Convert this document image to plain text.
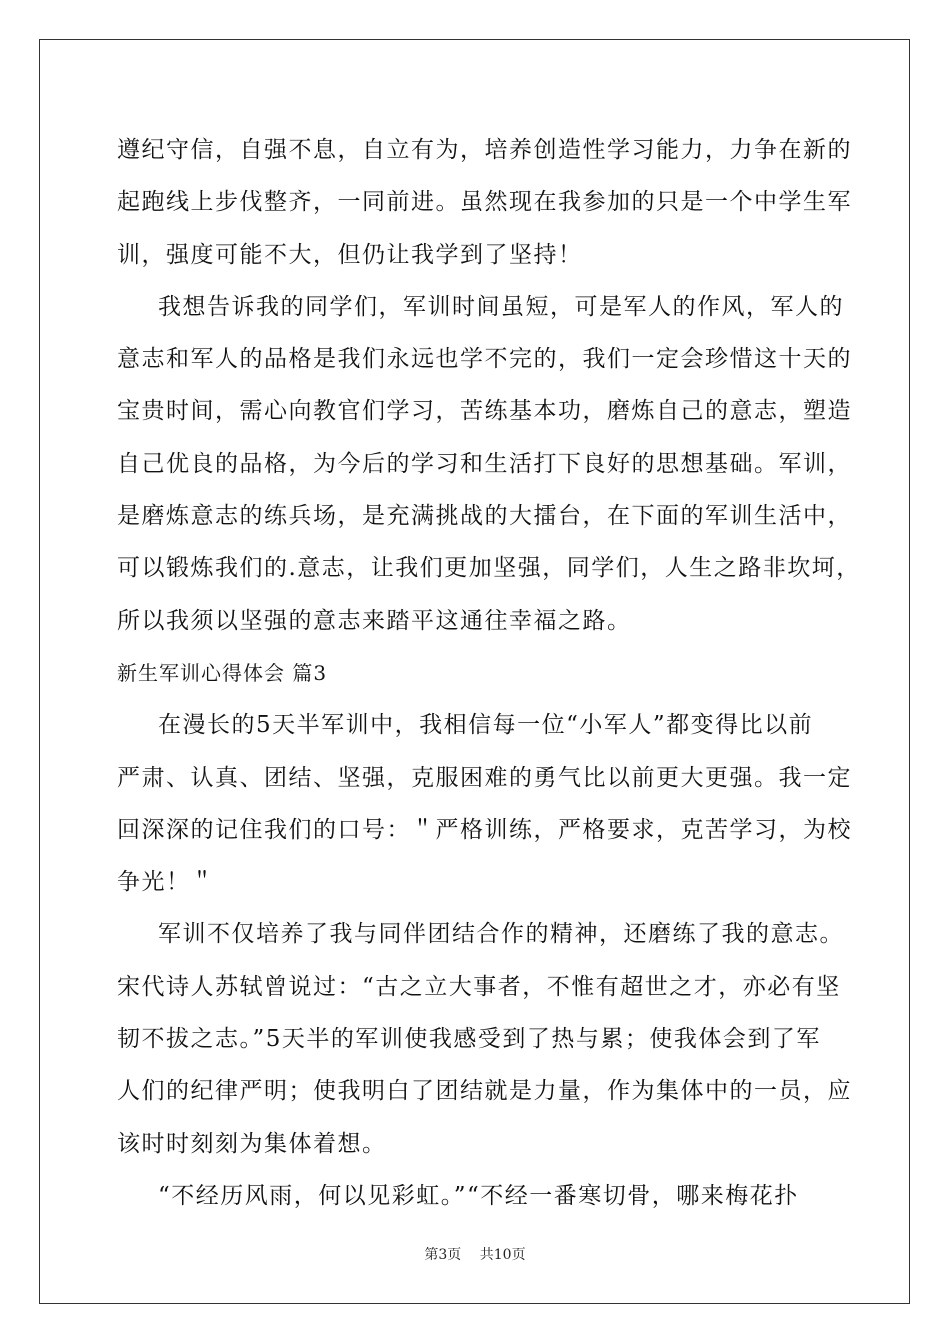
遵纪守信，自强不息，自立有为，培养创造性学习能力，力争在新的
起跑线上步伐整齐，一同前进。虽然现在我参加的只是一个中学生军
训，强度可能不大，但仍让我学到了坚持！
我想告诉我的同学们，军训时间虽短，可是军人的作风，军人的
意志和军人的品格是我们永远也学不完的，我们一定会珍惜这十天的
宝贵时间，需心向教官们学习，苦练基本功，磨炼自己的意志，塑造
自己优良的品格，为今后的学习和生活打下良好的思想基础。军训，
是磨炼意志的练兵场，是充满挑战的大擂台，在下面的军训生活中，
可以锻炼我们的.意志，让我们更加坚强，同学们，人生之路非坎坷，
所以我须以坚强的意志来踏平这通往幸福之路。
新生军训心得体会 篇3
在漫长的5天半军训中，我相信每一位“小军人”都变得比以前
严肃、认真、团结、坚强，克服困难的勇气比以前更大更强。我一定
回深深的记住我们的口号：＂严格训练，严格要求，克苦学习，为校
争光！＂
军训不仅培养了我与同伴团结合作的精神，还磨练了我的意志。
宋代诗人苏轼曾说过：“古之立大事者，不惟有超世之才，亦必有坚
韧不拔之志。”5天半的军训使我感受到了热与累；使我体会到了军
人们的纪律严明；使我明白了团结就是力量，作为集体中的一员，应
该时时刻刻为集体着想。
“不经历风雨，何以见彩虹。”“不经一番寒切骨，哪来梅花扑
第3页 共10页
